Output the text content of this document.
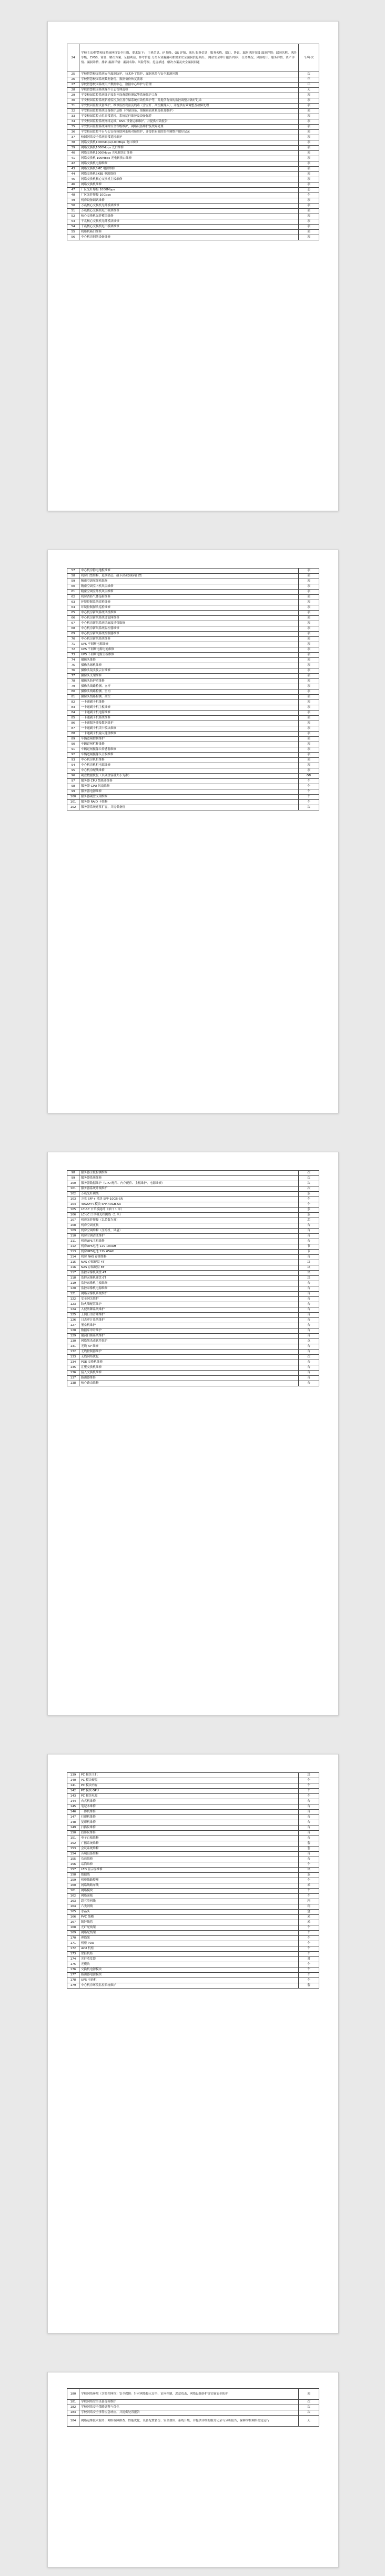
24	学校主页/智慧校园系统网络安全扫描，要求如下： 主机信息、IP 地址、OS 详情、域名 服务信息：服务名称、端口、协议、漏洞风险等级 漏洞详情：漏洞名称、风险等级、CVSS、简要、解决方案、证据利益、参考信息 分类专业漏洞可都要求安全漏洞信息列出。 网站安全审计报告内容： 任务概况、风险统计、服务详情、资产详情、漏洞详情、排名 漏洞详情：漏洞名称、风险等级、危害描述、解决方案及安全漏洞问题	个/年次
25	学校智慧校园系统安全漏洞防护，技术补丁维护，漏洞风险与安全漏洞问题	次
26	学校智慧校园系统数据备份，数据备份恢复演练	年
27	学校智慧校园系统用户数据中心，数据中心维护与管理	年
28	学校智慧校园系统操作日志管理巡检	天
29	平安校园监控系统维护及监控设备巡检测试等系统维护工作	项
30	平安校园监控系统新增监控点位及存储系统有效性维护等，并提供有效的监控调整并做好记录	项
31	平安校园监控设备维护，维修监控设备及线路（含立杆、高空摄像头），并提供有效调整及故障处理	项
32	平安校园监控系统设备维护运维（存储设备、图像画面质量巡检及维护）	项
33	平安校园监控点位日常巡检，系统运行维护及设备保养	项
34	平安校园监控系统网络运维，NVR 设备运维维护，并提供有效报告	项
35	平安校园监控系统网络安全等级维护，网络设备维护及故障处理	项
36	平安校园监控平台与公安视频联网系统对接维护，并提供有效的监控调整并做好记录	项
37	校园网络安全系统日常巡检维护	项
38	网络交换机1000Mbps/100Mbps 电口维修	项
39	网络交换机1000Mbps 光口维修	项
40	网络交换机1000Mbps 光电模块口维修	项
41	网络交换机 100Mbps 光电转换口维修	项
42	网络交换机电源维修	项
43	网络交换机SMC 电源维修	项
44	网络交换机SKBS 电源维修	项
45	网络交换机核心交换机主板维修	项
46	网络交换机维修	项
47	厂区光纤熔接 1000Mbps	芯
48	厂区光纤熔接 10Gbps	个
49	机房设备调试维修	项
50	万兆核心交换机光纤模块维修	项
51	万兆核心交换机电口模块维修	项
52	核心交换机光纤模块维修	项
53	千兆核心交换机光纤模块维修	项
54	千兆核心交换机电口模块维修	项
55	机柜机箱门维修	项
56	中心机房网络设备维修	项
57	中心机房静电地板维修	项
58	机房门禁维修，更换锁芯、磁卡/指纹/密码门禁	项
59	精密空调压缩机维修	项
60	精密空调室内机风扇维修	项
61	精密空调室外机风扇维修	项
62	机房消防气体巡检维修	项
63	环境控制系统巡检维修	项
64	环境控制探头巡检维修	项
65	中心机房新风系统风机维修	项
66	中心机房新风系统过滤网维修	项
67	中心机房新风系统风阀及风管维修	项
68	中心机房新风系统温控器维修	项
69	中心机房新风系统控制器维修	项
70	中心机房新风系统维修	项
71	UPS 不间断电源维修	项
72	UPS 不间断电源电池维修	项
73	UPS 不间断电源主板维修	项
74	摄像头维修	项
75	摄像头球机维修	项
76	摄像头镜头及云台维修	项
77	摄像头支架维修	项
78	摄像头防护罩维修	项
79	摄像头线路检测、立杆	项
80	摄像头线路检测、室内	项
81	摄像头线路检测、高空	项
82	一卡通刷卡机维修	项
83	一卡通刷卡机主板维修	项
84	一卡通刷卡机电源维修	项
85	一卡通刷卡机系统维修	项
86	一卡通服务器及数据维护	项
87	一卡通刷卡机读卡模块维修	项
88	一卡通刷卡机输入键盘维修	项
89	车辆道闸控制维护	项
90	车辆道闸栏杆维修	项
91	车辆道闸摄像头传感器维修	项
92	车辆道闸摄像头主板维修	项
93	中心机房机柜维修	项
94	中心机房机柜电源维修	项
95	中心机房配线维修	项
96	硬盘数据恢复（以硬盘容量大小为准）	GB
97	服务器 CPU 散热器维修	个
98	服务器 GPU 风扇维修	个
99	服务器电源维修	个
100	服务器硬盘支架维修	个
101	服务器 RAID 卡维修	个
102	服务器系统迁移扩容，并提供备份	次
98	服务器主板检测维修	次
99	服务器系统维修	次
100	服务器数据维护（CPU 配件、内存配件、主板维护、电源维修）	次
101	服务器系统升级维护	次
102	万兆光纤跳线	条
103	万兆 SFP+ 模块 SFP-10GB-SR	个
104	40GSFP+模块 SFP-40GB-SR	个
105	LC-SC 口单模尾纤（单口 1 米）	条
106	LC-LC 口单模光纤跳线（1 米）	条
107	机房光纤熔接（以芯数为准）	芯
108	机房空调更换	台
109	机房空调维修（压缩机、风扇）	台
110	机房空调清洗维护	台
111	机房UPS主机维修	台
112	机房UPS电池 12V 100AH	节
113	机房UPS电池 12V 65AH	节
114	机房 NAS 存储维修	台
115	NAS 存储硬盘 4T	块
116	NAS 存储硬盘 8T	块
117	监控录像机硬盘 4T	块
118	监控录像机硬盘 6T	块
119	监控录像机主板维修	台
120	监控录像机电源维修	台
121	网络录像机系统维护	台
122	安全网关维护	台
123	防火墙配置维护	台
124	入侵防御系统维护	台
125	上网行为管理维护	台
126	日志审计系统维护	台
127	堡垒机维护	台
128	数据库审计维护	台
129	漏洞扫描系统维护	台
130	网络版杀毒软件维护	点
131	无线 AP 维修	台
132	无线控制器维护	台
133	无线网络优化	次
134	POE 交换机维修	台
135	汇聚交换机维修	台
136	接入交换机维修	台
137	路由器维修	台
138	核心路由维修	台
139	PC 模块主机	块
140	PC 模块硬盘	个
141	PC 模块内存	个
142	PC 模块 GPU	个
143	PC 模块电源	个
144	台式机维修	台
145	笔记本维修	台
146	一体机维修	台
147	打印机维修	台
148	复印机维修	台
149	扫描仪维修	台
150	投影仪维修	台
151	电子白板维修	台
152	广播系统维修	套
153	会议系统维修	套
154	音响设备维修	台
155	功放维修	台
156	话筒维修	个
157	LED 显示屏维修	块
158	数据线	条
159	机柜线路整理	个
160	网络线路布线	米
161	网络模块	个
162	网络面板	个
163	超五类网线	箱
164	六类网线	箱
165	水晶头	盒
166	PVC 线槽	米
167	镀锌线管	米
168	光纤配线架	个
169	网络配线架	个
170	理线架	个
171	机柜 PDU	个
172	42U 机柜	个
173	壁挂机柜	个
174	光纤收发器	对
175	光模块	个
176	交换机电源模块	个
177	路由器电源模块	个
178	UPS 电池柜	个
179	中心机房环境监控系统维护	套
180	学校网络环境（含监控网络）安全保障：针对网络接入安全、访问控制、恶意攻击、网络设备防护等实施安全防护	项
181	学校网络安全设备巡检维护	次
182	学校网络安全策略调整与优化	次
183	学校网络安全事件应急响应，并提供处置报告	次
184	网络运维技术服务：网络故障排查、性能优化、设备配置备份、安全加固、系统升级，并提供详细的服务记录与分析报告，保障学校网络稳定运行	天
